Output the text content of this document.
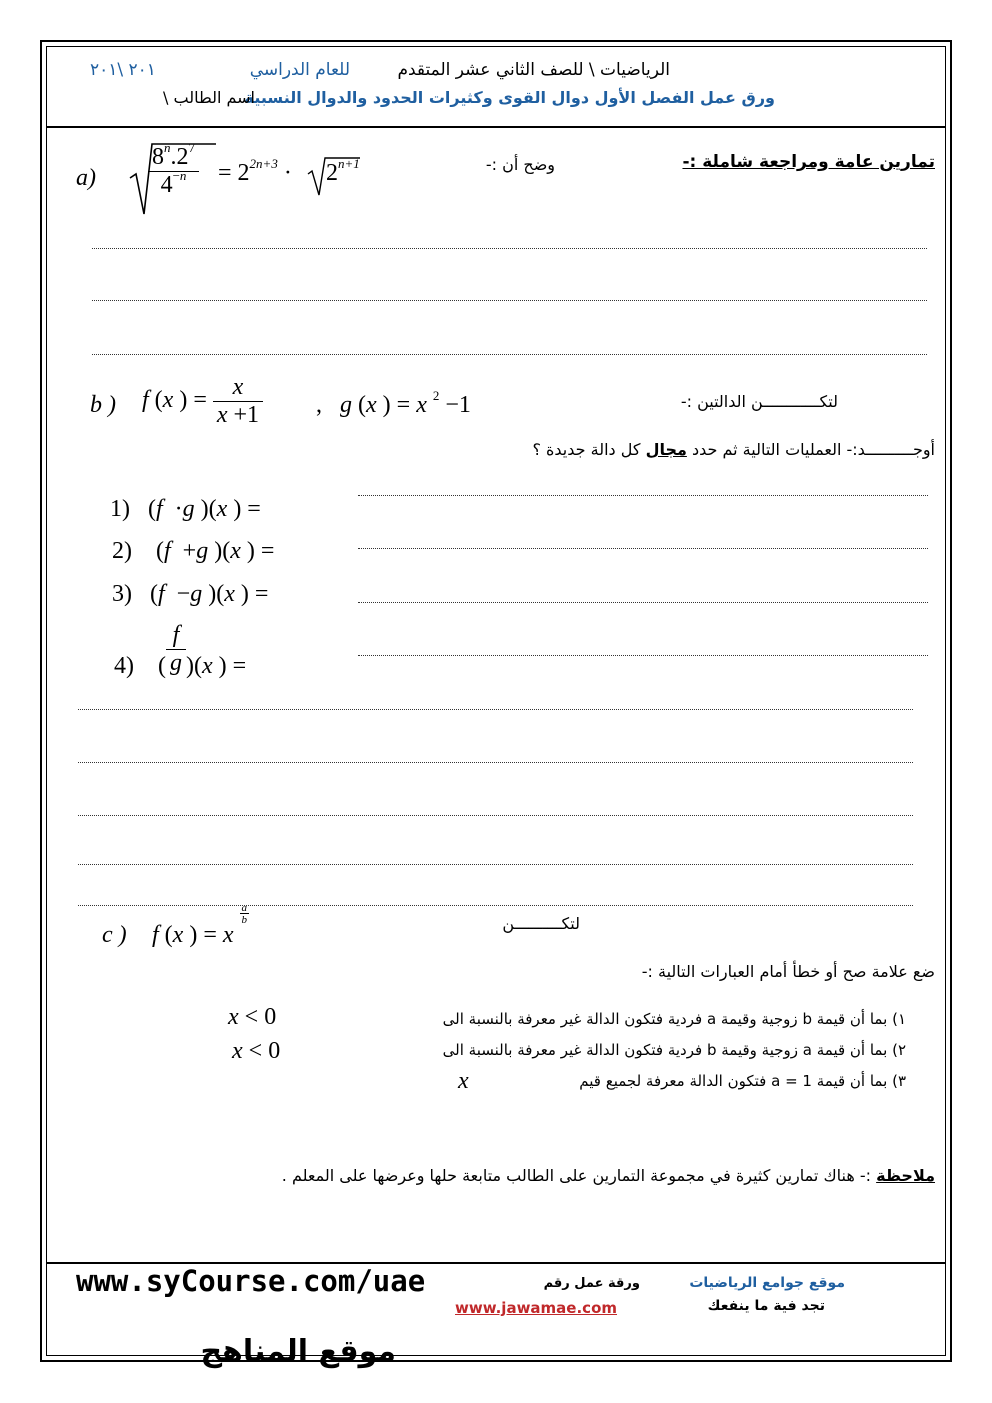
الرياضيات \ للصف الثاني عشر المتقدم
للعام الدراسي
٢٠١ \٢٠١
ورق عمل الفصل الأول دوال القوى وكثيرات الحدود والدوال النسبية
اسم الطالب \
تمارين عامة ومراجعة شاملة :-
وضح أن :-
$a) \frac{8^n.2^7}{4^{-n}} = 2^{2n+3} \cdot 2^{n+1}$
b ) f (x ) = $\frac{x}{x +1}$ ,   g (x ) = x $^2$ −1	لتكــــــــــــن الدالتين :-
أوجــــــــــد:- العمليات التالية ثم حدد مجال كل دالة جديدة ؟
1)   (f  ·g )(x ) =
2)    (f  +g )(x ) =
3)   (f  −g )(x ) =
4)    ( $\frac{f}{g} )(x$ ) =
c ) f (x ) = x $\frac{a}{b}$	لتكــــــــــن
ضع علامة صح أو خطأ أمام العبارات التالية :-
١) بما أن قيمة b زوجية وقيمة a فردية فتكون الدالة غير معرفة بالنسبة الى
x < 0
٢) بما أن قيمة a زوجية وقيمة b فردية فتكون الدالة غير معرفة بالنسبة الى
x < 0
٣) بما أن قيمة a = 1 فتكون الدالة معرفة لجميع قيم
x
ملاحظة :- هناك تمارين كثيرة في مجموعة التمارين على الطالب متابعة حلها وعرضها على المعلم .
موقع جوامع الرياضيات
تجد فية ما ينفعك
ورقة عمل رقم
www.jawamae.com
www.syCourse.com/uae
موقع المناهج
